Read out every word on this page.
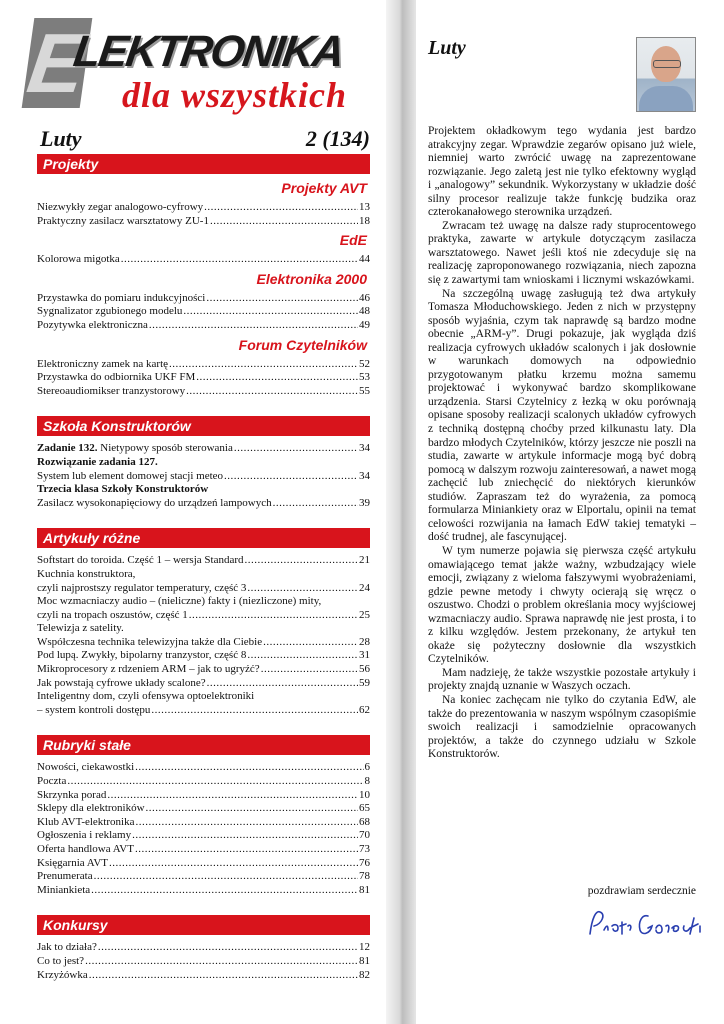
E
LEKTRONIKA
dla wszystkich
Luty	2 (134)
Projekty
Projekty AVT
Niezwykły zegar analogowo-cyfrowy .....	13
Praktyczny zasilacz warsztatowy ZU-1 .....	18
EdE
Kolorowa migotka .....	44
Elektronika 2000
Przystawka do pomiaru indukcyjności .....	46
Sygnalizator zgubionego modelu .....	48
Pozytywka elektroniczna .....	49
Forum Czytelników
Elektroniczny zamek na kartę .....	52
Przystawka do odbiornika UKF FM .....	53
Stereoaudiomikser tranzystorowy .....	55
Szkoła Konstruktorów
Zadanie 132. Nietypowy sposób sterowania .....	34
Rozwiązanie zadania 127.
System lub element domowej stacji meteo .....	34
Trzecia klasa Szkoły Konstruktorów
Zasilacz wysokonapięciowy do urządzeń lampowych .....	39
Artykuły różne
Softstart do toroida. Część 1 – wersja Standard .....	21
Kuchnia konstruktora,
czyli najprostszy regulator temperatury, część 3 .....	24
Moc wzmacniaczy audio – (nieliczne) fakty i (niezliczone) mity,
czyli na tropach oszustów, część 1 .....	25
Telewizja z satelity.
Współczesna technika telewizyjna także dla Ciebie .....	28
Pod lupą. Zwykły, bipolarny tranzystor, część 8 .....	31
Mikroprocesory z rdzeniem ARM – jak to ugryźć? .....	56
Jak powstają cyfrowe układy scalone? .....	59
Inteligentny dom, czyli ofensywa optoelektroniki
– system kontroli dostępu .....	62
Rubryki stałe
Nowości, ciekawostki .....	6
Poczta .....	8
Skrzynka porad .....	10
Sklepy dla elektroników .....	65
Klub AVT-elektronika .....	68
Ogłoszenia i reklamy .....	70
Oferta handlowa AVT .....	73
Księgarnia AVT .....	76
Prenumerata .....	78
Miniankieta .....	81
Konkursy
Jak to działa? .....	12
Co to jest? .....	81
Krzyżówka .....	82
Luty

Projektem okładkowym tego wydania jest bardzo atrakcyjny zegar. Wprawdzie zegarów opisano już wiele, niemniej warto zwrócić uwagę na zaprezentowane rozwiązanie. Jego zaletą jest nie tylko efektowny wygląd i „analogowy” sekundnik. Wykorzystany w układzie dość silny procesor realizuje także funkcję budzika oraz czterokanałowego sterownika urządzeń.

Zwracam też uwagę na dalsze rady stuprocentowego praktyka, zawarte w artykule dotyczącym zasilacza warsztatowego. Nawet jeśli ktoś nie zdecyduje się na realizację zaproponowanego rozwiązania, niech zapozna się z zawartymi tam wnioskami i licznymi wskazówkami.

Na szczególną uwagę zasługują też dwa artykuły Tomasza Młoduchowskiego. Jeden z nich w przystępny sposób wyjaśnia, czym tak naprawdę są bardzo modne obecnie „ARM-y”. Drugi pokazuje, jak wygląda dziś realizacja cyfrowych układów scalonych i jak dosłownie w warunkach domowych na odpowiednio przygotowanym płatku krzemu można samemu projektować i wykonywać bardzo skomplikowane urządzenia. Starsi Czytelnicy z łezką w oku porównają opisane sposoby realizacji scalonych układów cyfrowych z techniką dostępną choćby przed kilkunastu laty. Dla bardzo młodych Czytelników, którzy jeszcze nie poszli na studia, zawarte w artykule informacje mogą być dobrą pomocą w dalszym rozwoju zainteresowań, a nawet mogą zachęcić lub zniechęcić do niektórych kierunków studiów. Zapraszam też do wyrażenia, za pomocą formularza Miniankiety oraz w Elportalu, opinii na temat celowości rozwijania na łamach EdW takiej tematyki – dość trudnej, ale fascynującej.

W tym numerze pojawia się pierwsza część artykułu omawiającego temat jakże ważny, wzbudzający wiele emocji, związany z wieloma fałszywymi wyobrażeniami, gdzie pewne metody i chwyty ocierają się wręcz o oszustwo. Chodzi o problem określania mocy wyjściowej wzmacniaczy audio. Sprawa naprawdę nie jest prosta, i to z kilku względów. Jestem przekonany, że artykuł ten okaże się pożyteczny dosłownie dla wszystkich Czytelników.

Mam nadzieję, że także wszystkie pozostałe artykuły i projekty znajdą uznanie w Waszych oczach.

Na koniec zachęcam nie tylko do czytania EdW, ale także do prezentowania w naszym wspólnym czasopiśmie swoich realizacji i samodzielnie opracowanych projektów, a także do czynnego udziału w Szkole Konstruktorów.

pozdrawiam serdecznie
